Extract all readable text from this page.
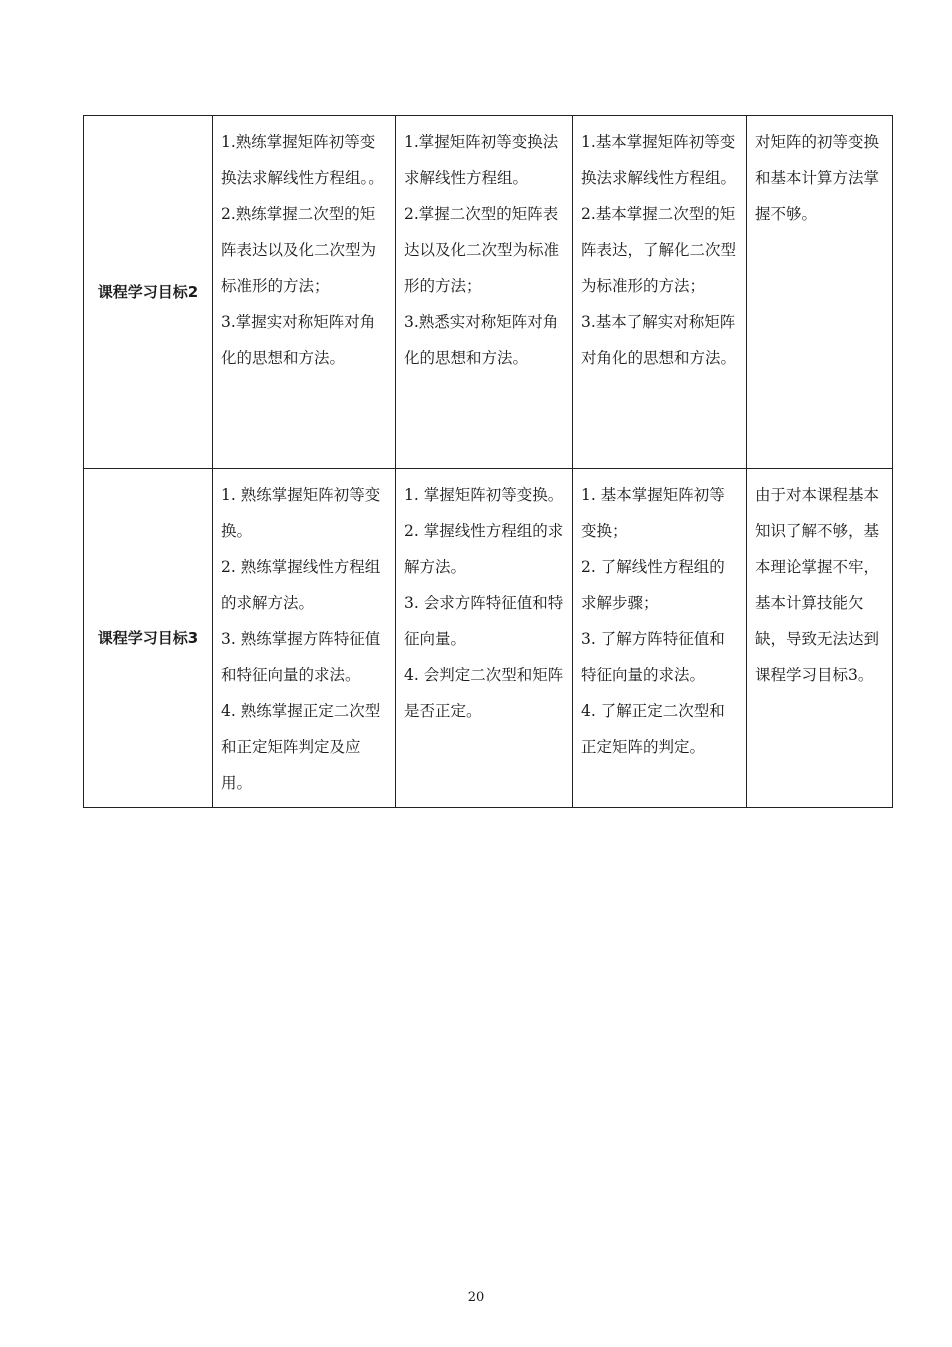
课程学习目标2	1.熟练掌握矩阵初等变换法求解线性方程组。。
2.熟练掌握二次型的矩阵表达以及化二次型为标准形的方法；
3.掌握实对称矩阵对角化的思想和方法。	1.掌握矩阵初等变换法求解线性方程组。
2.掌握二次型的矩阵表达以及化二次型为标准形的方法；
3.熟悉实对称矩阵对角化的思想和方法。	1.基本掌握矩阵初等变换法求解线性方程组。
2.基本掌握二次型的矩阵表达，了解化二次型为标准形的方法；
3.基本了解实对称矩阵对角化的思想和方法。	对矩阵的初等变换和基本计算方法掌握不够。

课程学习目标3	1. 熟练掌握矩阵初等变换。
2. 熟练掌握线性方程组的求解方法。
3. 熟练掌握方阵特征值和特征向量的求法。
4. 熟练掌握正定二次型和正定矩阵判定及应用。	1. 掌握矩阵初等变换。
2. 掌握线性方程组的求解方法。
3. 会求方阵特征值和特征向量。
4. 会判定二次型和矩阵是否正定。	1. 基本掌握矩阵初等变换；
2. 了解线性方程组的求解步骤；
3. 了解方阵特征值和特征向量的求法。
4. 了解正定二次型和正定矩阵的判定。	由于对本课程基本知识了解不够，基本理论掌握不牢，基本计算技能欠缺，导致无法达到课程学习目标3。
20
